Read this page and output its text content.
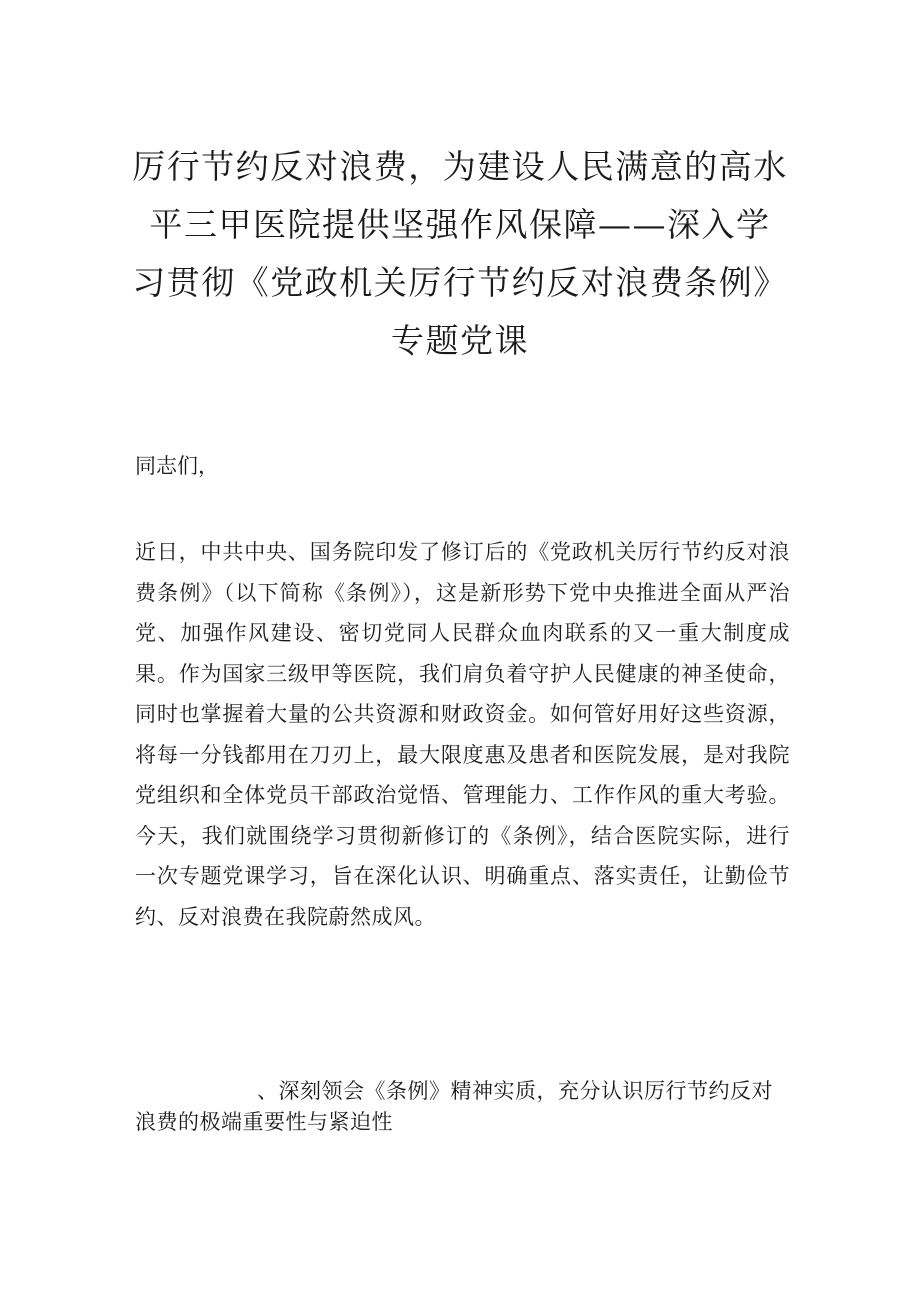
厉行节约反对浪费，为建设人民满意的高水
平三甲医院提供坚强作风保障——深入学
习贯彻《党政机关厉行节约反对浪费条例》
专题党课

同志们，

近日，中共中央、国务院印发了修订后的《党政机关厉行节约反对浪费条例》（以下简称《条例》），这是新形势下党中央推进全面从严治党、加强作风建设、密切党同人民群众血肉联系的又一重大制度成果。作为国家三级甲等医院，我们肩负着守护人民健康的神圣使命，同时也掌握着大量的公共资源和财政资金。如何管好用好这些资源，将每一分钱都用在刀刃上，最大限度惠及患者和医院发展，是对我院党组织和全体党员干部政治觉悟、管理能力、工作作风的重大考验。今天，我们就围绕学习贯彻新修订的《条例》，结合医院实际，进行一次专题党课学习，旨在深化认识、明确重点、落实责任，让勤俭节约、反对浪费在我院蔚然成风。

、深刻领会《条例》精神实质，充分认识厉行节约反对浪费的极端重要性与紧迫性
